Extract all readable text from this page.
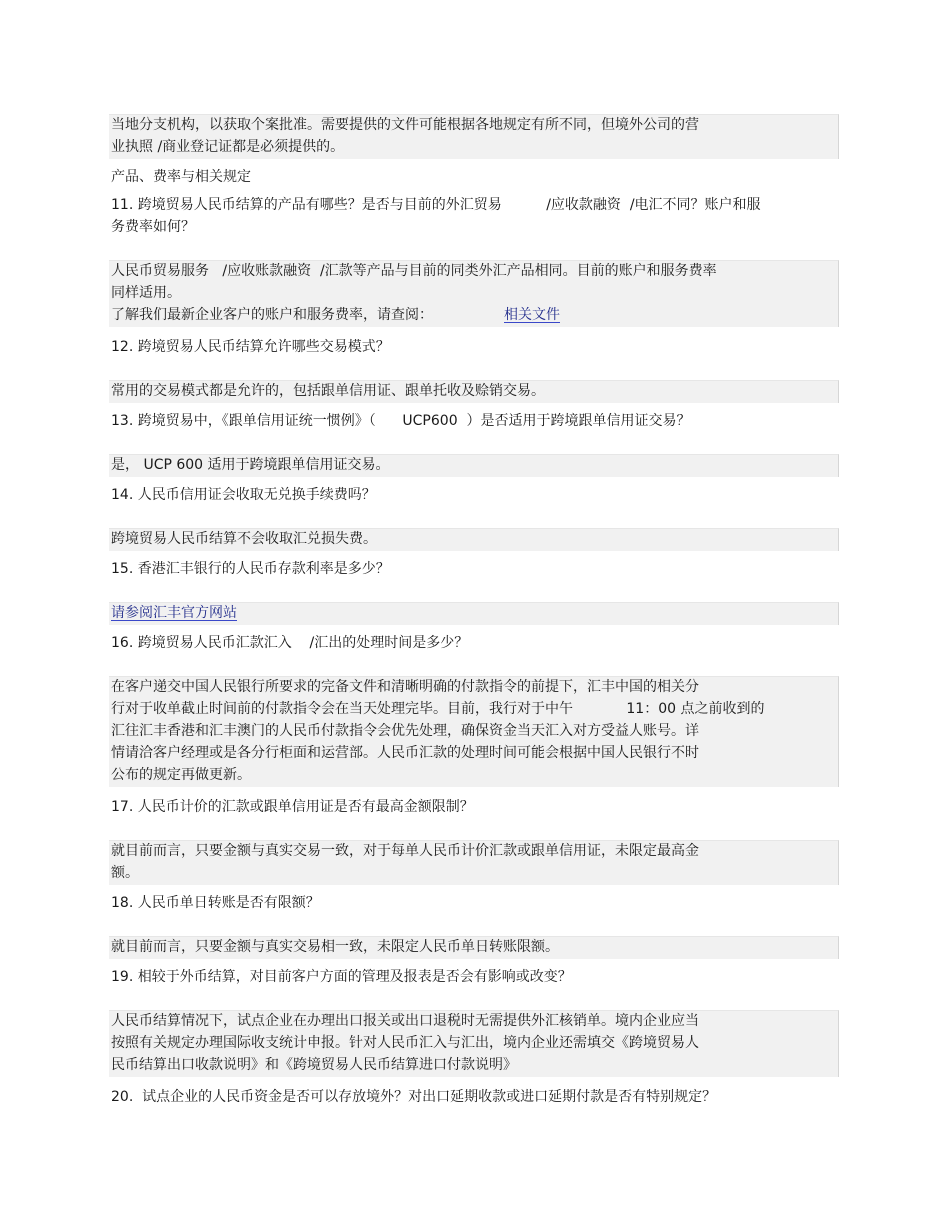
当地分支机构，以获取个案批准。需要提供的文件可能根据各地规定有所不同，但境外公司的营

业执照 /商业登记证都是必须提供的。

产品、费率与相关规定

11. 跨境贸易人民币结算的产品有哪些？是否与目前的外汇贸易          /应收款融资  /电汇不同？账户和服

务费率如何？

人民币贸易服务   /应收账款融资  /汇款等产品与目前的同类外汇产品相同。目前的账户和服务费率

同样适用。

了解我们最新企业客户的账户和服务费率，请查阅：	相关文件

12. 跨境贸易人民币结算允许哪些交易模式？

常用的交易模式都是允许的，包括跟单信用证、跟单托收及赊销交易。

13. 跨境贸易中，《跟单信用证统一惯例》（      UCP600  ）是否适用于跨境跟单信用证交易？

是， UCP 600 适用于跨境跟单信用证交易。

14. 人民币信用证会收取无兑换手续费吗？

跨境贸易人民币结算不会收取汇兑损失费。

15. 香港汇丰银行的人民币存款利率是多少？

请参阅汇丰官方网站

16. 跨境贸易人民币汇款汇入    /汇出的处理时间是多少？

在客户递交中国人民银行所要求的完备文件和清晰明确的付款指令的前提下，汇丰中国的相关分

行对于收单截止时间前的付款指令会在当天处理完毕。目前，我行对于中午            11：00 点之前收到的

汇往汇丰香港和汇丰澳门的人民币付款指令会优先处理，确保资金当天汇入对方受益人账号。详

情请洽客户经理或是各分行柜面和运营部。人民币汇款的处理时间可能会根据中国人民银行不时

公布的规定再做更新。

17. 人民币计价的汇款或跟单信用证是否有最高金额限制？

就目前而言，只要金额与真实交易一致，对于每单人民币计价汇款或跟单信用证，未限定最高金

额。

18. 人民币单日转账是否有限额？

就目前而言，只要金额与真实交易相一致，未限定人民币单日转账限额。

19. 相较于外币结算，对目前客户方面的管理及报表是否会有影响或改变？

人民币结算情况下，试点企业在办理出口报关或出口退税时无需提供外汇核销单。境内企业应当

按照有关规定办理国际收支统计申报。针对人民币汇入与汇出，境内企业还需填交《跨境贸易人

民币结算出口收款说明》和《跨境贸易人民币结算进口付款说明》

20.  试点企业的人民币资金是否可以存放境外？对出口延期收款或进口延期付款是否有特别规定？
